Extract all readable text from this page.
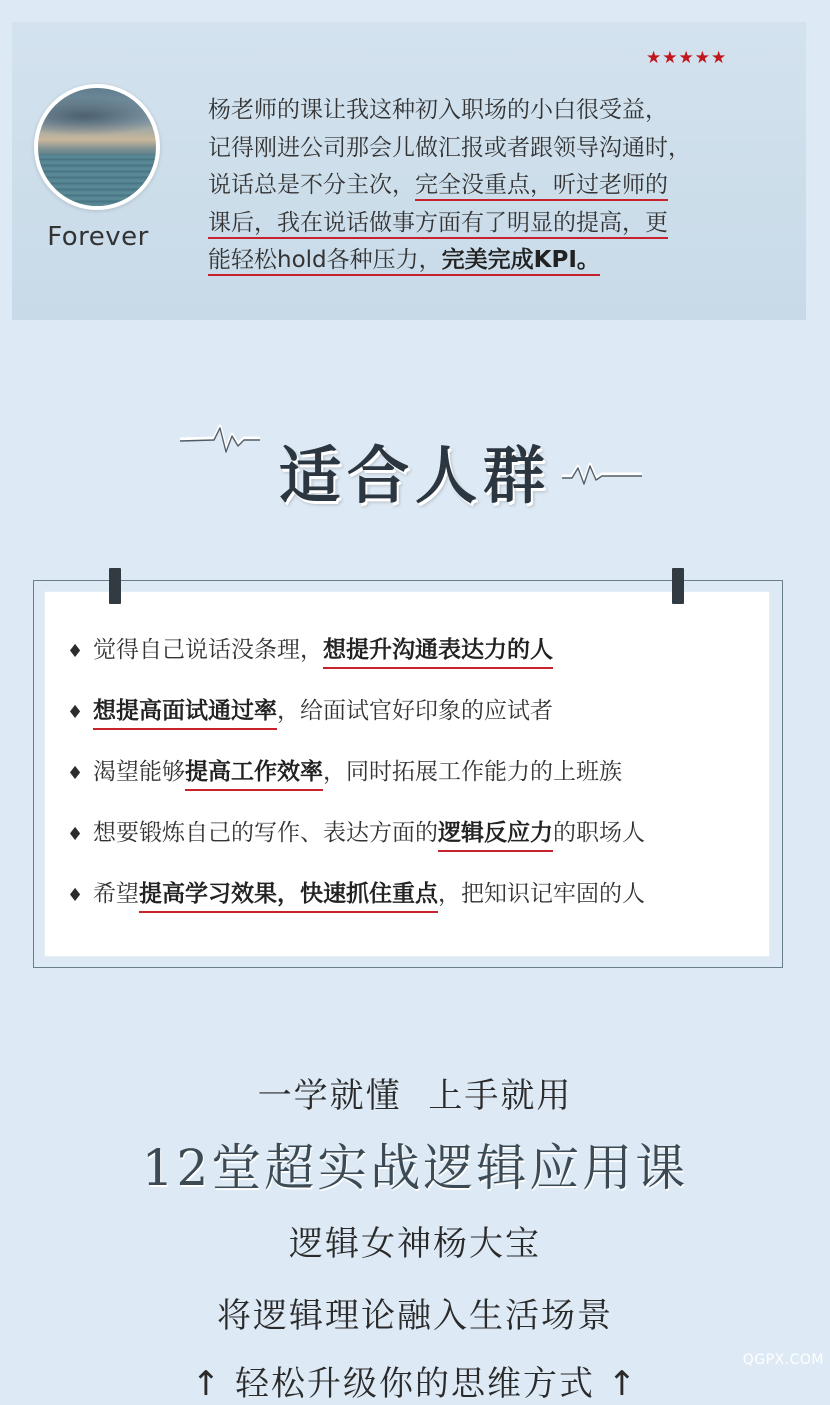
★★★★★
Forever
杨老师的课让我这种初入职场的小白很受益，
记得刚进公司那会儿做汇报或者跟领导沟通时，
说话总是不分主次，完全没重点，听过老师的
课后，我在说话做事方面有了明显的提高，更
能轻松hold各种压力，完美完成KPI。
适合人群
♦ 觉得自己说话没条理，想提升沟通表达力的人
♦ 想提高面试通过率，给面试官好印象的应试者
♦ 渴望能够提高工作效率，同时拓展工作能力的上班族
♦ 想要锻炼自己的写作、表达方面的逻辑反应力的职场人
♦ 希望提高学习效果，快速抓住重点，把知识记牢固的人
一学就懂 上手就用
12堂超实战逻辑应用课
逻辑女神杨大宝
将逻辑理论融入生活场景
↑ 轻松升级你的思维方式 ↑
QGPX.COM
